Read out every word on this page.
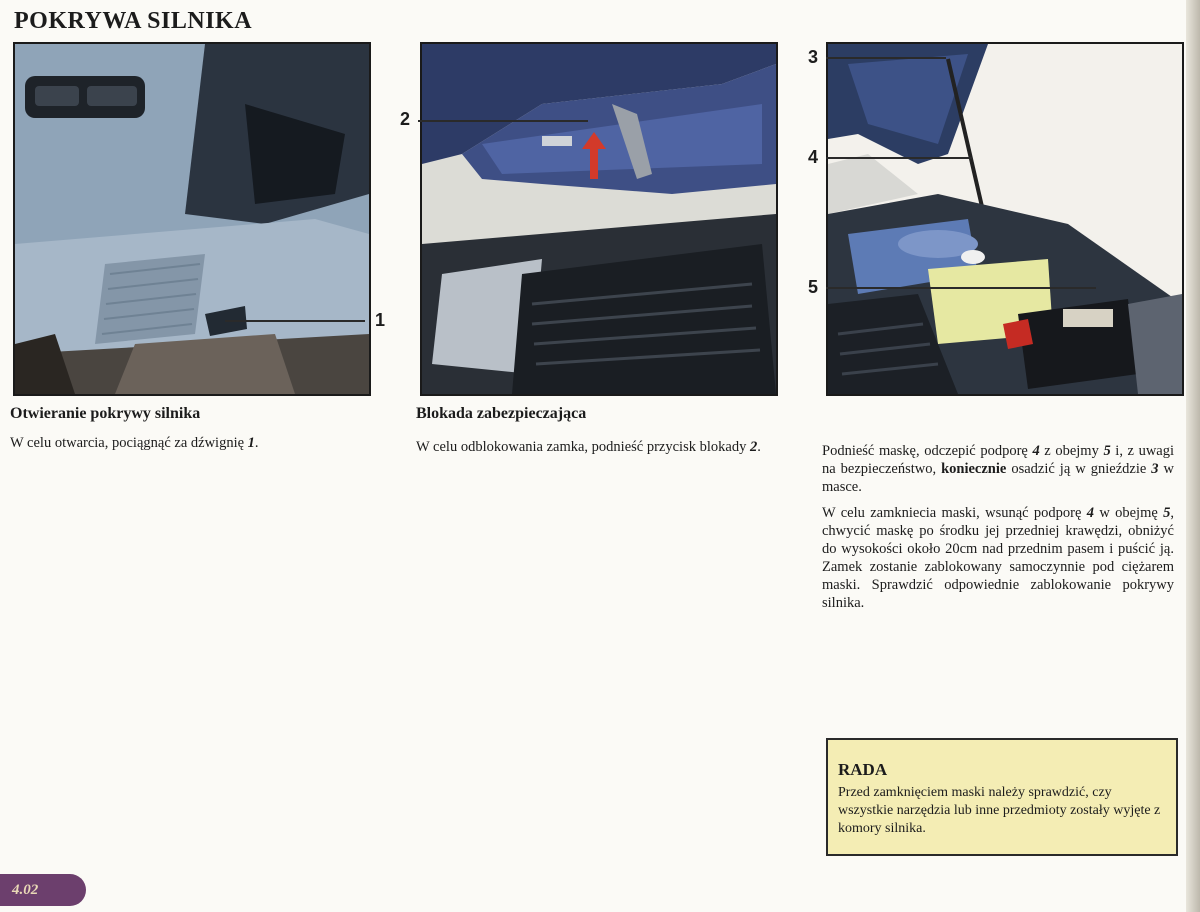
POKRYWA SILNIKA
1
2
3
4
5
Otwieranie pokrywy silnika
W celu otwarcia, pociągnąć za dźwignię 1.
Blokada zabezpieczająca
W celu odblokowania zamka, podnieść przycisk blokady 2.	Podnieść maskę, odczepić podporę 4 z obejmy 5 i, z uwagi na bezpieczeństwo, koniecznie osadzić ją w gnieździe 3 w masce.

W celu zamkniecia maski, wsunąć podporę 4 w obejmę 5, chwycić maskę po środku jej przedniej krawędzi, obniżyć do wysokości około 20cm nad przednim pasem i puścić ją. Zamek zostanie zablokowany samoczynnie pod ciężarem maski. Sprawdzić odpowiednie zablokowanie pokrywy silnika.

RADA
Przed zamknięciem maski należy sprawdzić, czy wszystkie narzędzia lub inne przedmioty zostały wyjęte z komory silnika.
4.02
